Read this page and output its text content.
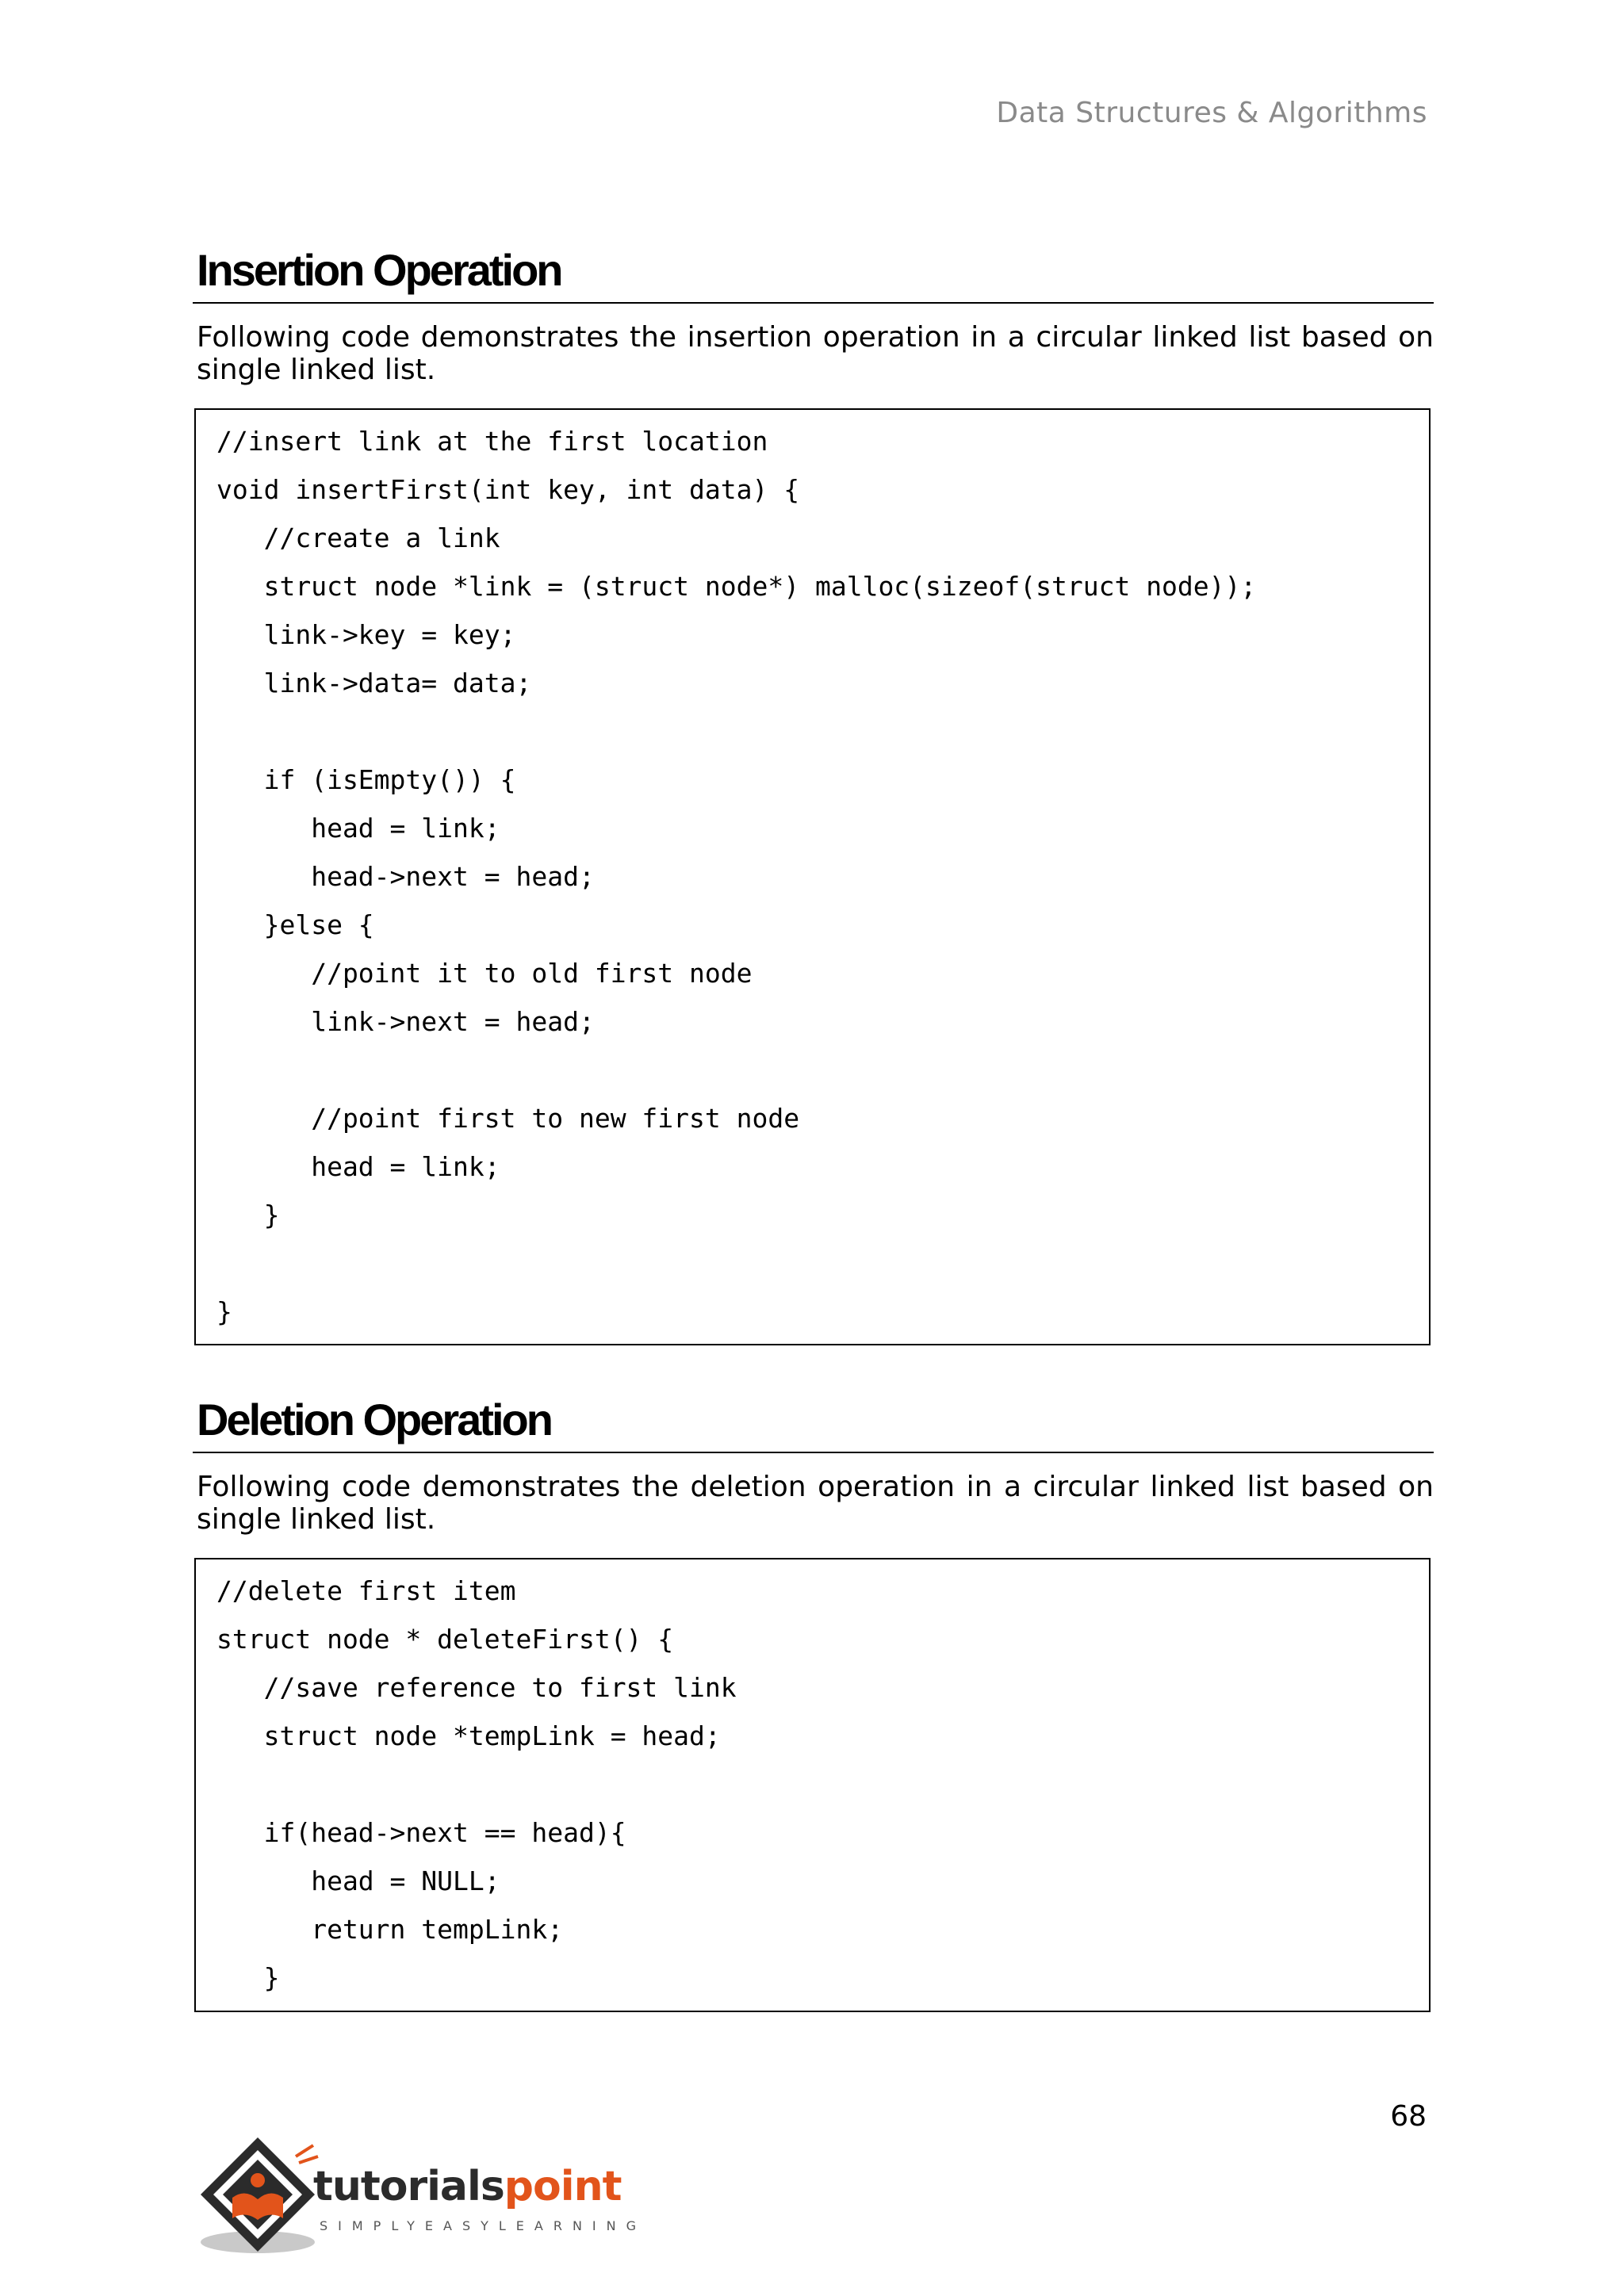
Data Structures & Algorithms
Insertion Operation
Following code demonstrates the insertion operation in a circular linked list based on single linked list.
//insert link at the first location
void insertFirst(int key, int data) {
//create a link
struct node *link = (struct node*) malloc(sizeof(struct node));
link->key = key;
link->data= data;
if (isEmpty()) {
head = link;
head->next = head;
}else {
//point it to old first node
link->next = head;
//point first to new first node
head = link;
}
}
Deletion Operation
Following code demonstrates the deletion operation in a circular linked list based on single linked list.
//delete first item
struct node * deleteFirst() {
//save reference to first link
struct node *tempLink = head;
if(head->next == head){
head = NULL;
return tempLink;
}
68
tutorialspoint
SIMPLYEASYLEARNING
